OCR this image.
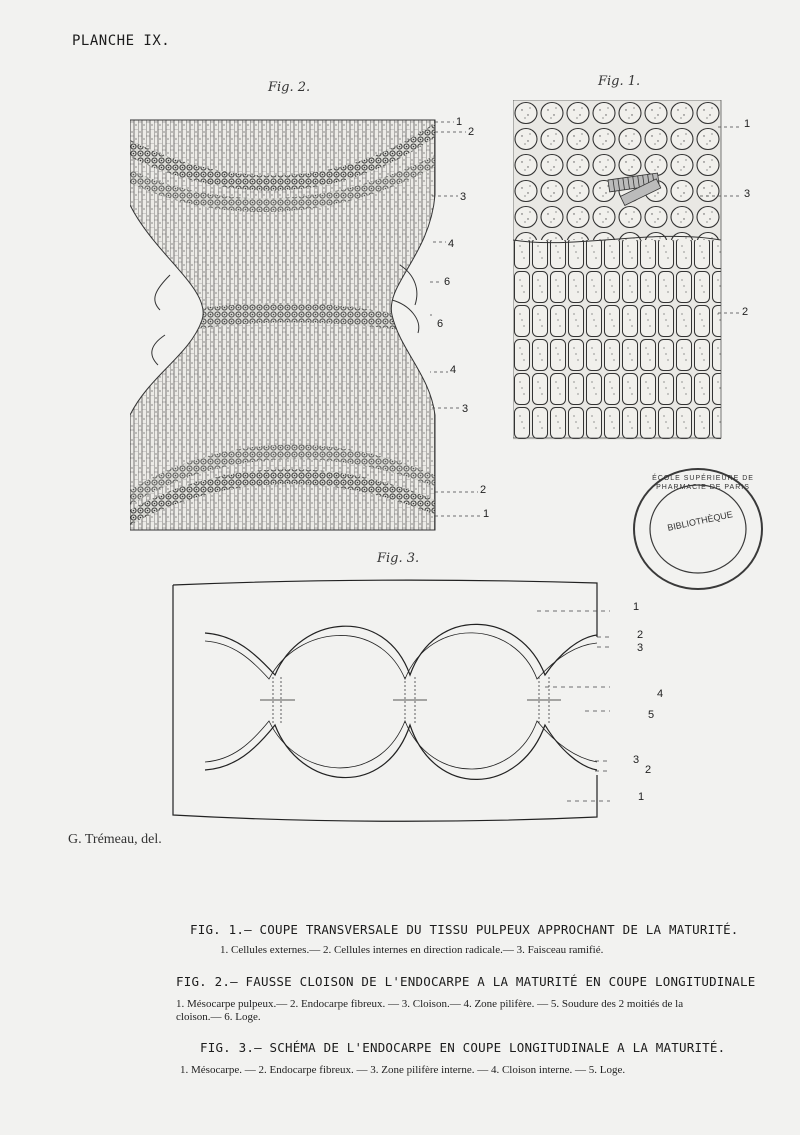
PLANCHE IX.
Fig. 2.
1
2
3
4
6
6
4
3
2
1
Fig. 1.
1
3
2
ÉCOLE SUPÉRIEURE DE PHARMACIE DE PARIS
BIBLIOTHÈQUE
Fig. 3.
1
2
3
4
5
3
2
1
G. Trémeau, del.
FIG. 1.— COUPE TRANSVERSALE DU TISSU PULPEUX APPROCHANT DE LA MATURITÉ.
1. Cellules externes.— 2. Cellules internes en direction radicale.— 3. Faisceau ramifié.
FIG. 2.— FAUSSE CLOISON DE L'ENDOCARPE A LA MATURITÉ EN COUPE LONGITUDINALE
1. Mésocarpe pulpeux.— 2. Endocarpe fibreux. — 3. Cloison.— 4. Zone pilifère. — 5. Soudure des 2 moitiés de la cloison.— 6. Loge.
FIG. 3.— SCHÉMA DE L'ENDOCARPE EN COUPE LONGITUDINALE A LA MATURITÉ.
1. Mésocarpe. — 2. Endocarpe fibreux. — 3. Zone pilifère interne. — 4. Cloison interne. — 5. Loge.
